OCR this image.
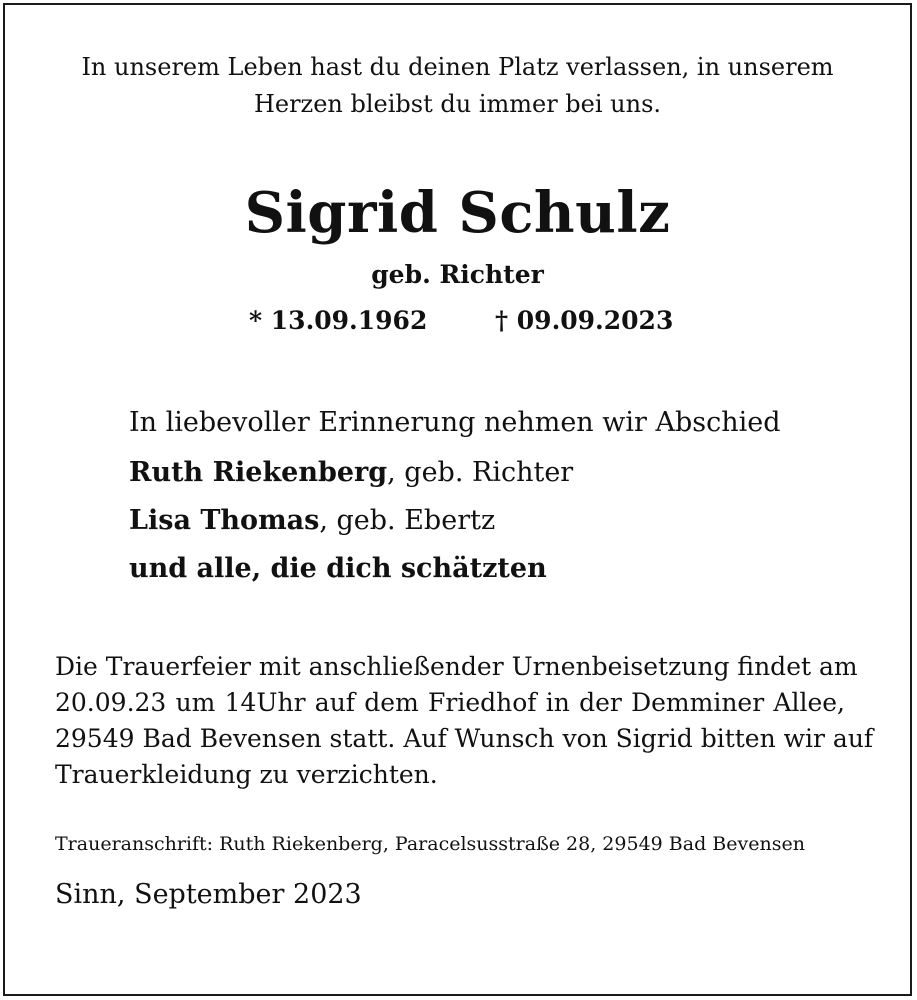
In unserem Leben hast du deinen Platz verlassen, in unserem
Herzen bleibst du immer bei uns.
Sigrid Schulz
geb. Richter
* 13.09.1962	† 09.09.2023
In liebevoller Erinnerung nehmen wir Abschied
Ruth Riekenberg, geb. Richter
Lisa Thomas, geb. Ebertz
und alle, die dich schätzten
Die Trauerfeier mit anschließender Urnenbeisetzung findet am
20.09.23 um 14Uhr auf dem Friedhof in der Demminer Allee,
29549 Bad Bevensen statt. Auf Wunsch von Sigrid bitten wir auf
Trauerkleidung zu verzichten.
Traueranschrift: Ruth Riekenberg, Paracelsusstraße 28, 29549 Bad Bevensen
Sinn, September 2023
